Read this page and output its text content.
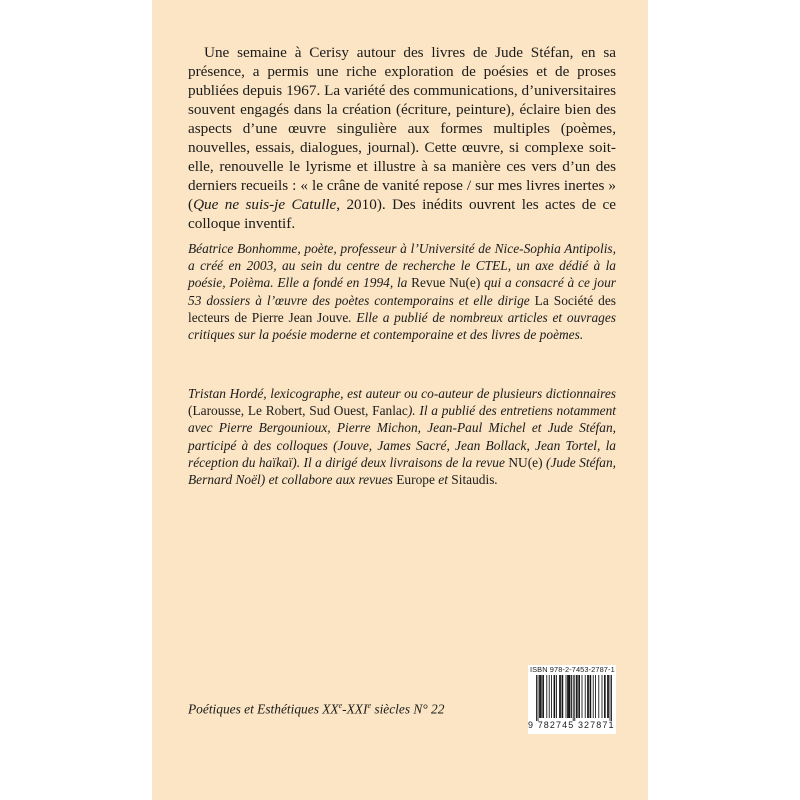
Une semaine à Cerisy autour des livres de Jude Stéfan, en sa présence, a permis une riche exploration de poésies et de proses publiées depuis 1967. La variété des communications, d’universitaires souvent engagés dans la création (écriture, peinture), éclaire bien des aspects d’une œuvre singulière aux formes multiples (poèmes, nouvelles, essais, dialogues, journal). Cette œuvre, si complexe soit-elle, renouvelle le lyrisme et illustre à sa manière ces vers d’un des derniers recueils : « le crâne de vanité repose / sur mes livres inertes » (Que ne suis-je Catulle, 2010). Des inédits ouvrent les actes de ce colloque inventif.

Béatrice Bonhomme, poète, professeur à l’Université de Nice-Sophia Antipolis, a créé en 2003, au sein du centre de recherche le CTEL, un axe dédié à la poésie, Poièma. Elle a fondé en 1994, la Revue Nu(e) qui a consacré à ce jour 53 dossiers à l’œuvre des poètes contemporains et elle dirige La Société des lecteurs de Pierre Jean Jouve. Elle a publié de nombreux articles et ouvrages critiques sur la poésie moderne et contemporaine et des livres de poèmes.

Tristan Hordé, lexicographe, est auteur ou co-auteur de plusieurs dictionnaires (Larousse, Le Robert, Sud Ouest, Fanlac). Il a publié des entretiens notamment avec Pierre Bergounioux, Pierre Michon, Jean-Paul Michel et Jude Stéfan, participé à des colloques (Jouve, James Sacré, Jean Bollack, Jean Tortel, la réception du haïkaï). Il a dirigé deux livraisons de la revue NU(e) (Jude Stéfan, Bernard Noël) et collabore aux revues Europe et Sitaudis.

Poétiques et Esthétiques XXe-XXIe siècles N° 22
ISBN 978-2-7453-2787-1
9 782745 327871
